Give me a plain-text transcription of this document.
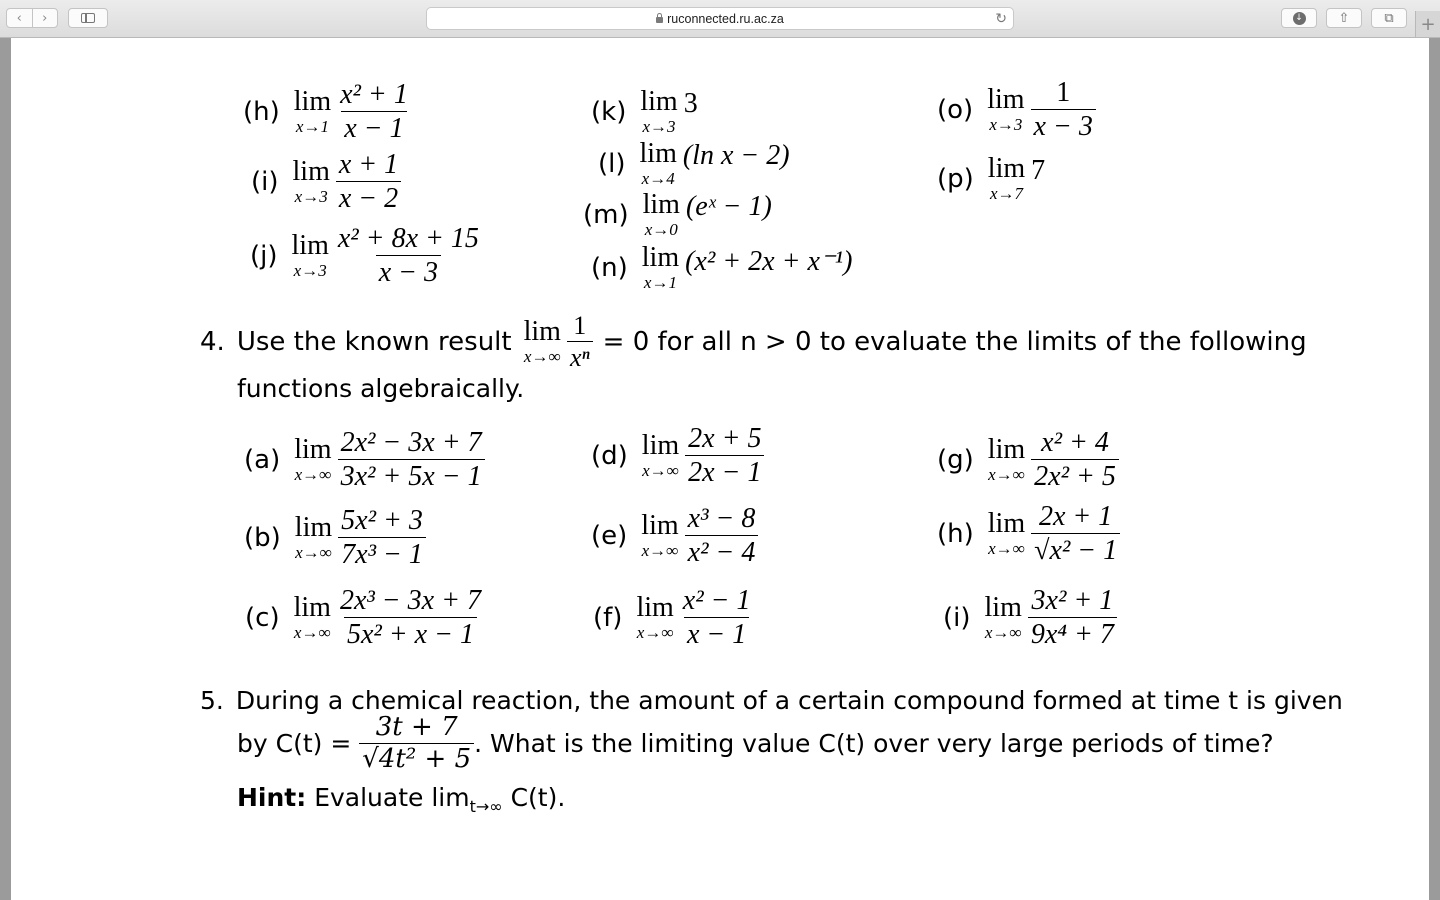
‹	›	ruconnected.ru.ac.za	↻	↓	⇧	⧉	+
(h) lim
$x\to 1 \frac{\text{x² + 1}}{x - 1}$
(i) lim
$x\to 3 \frac{x + 1}{x - 2}$
(j) lim
$x\to 3 \frac{\text{x² + 8x + 15}}{x - 3}$
(k) lim
x→3
3
(l) lim
x→4
(ln x − 2)
(m) lim
x→0
(eˣ − 1)
(n) lim
x→1
(x² + 2x + x⁻¹)
(o) lim
$x\to 3 \frac{1}{x - 3}$
(p) lim
x→7
7
4. Use the known result lim
$x\to\infty \frac{1}{\text{xⁿ}} = 0$ for all n > 0 to evaluate the limits of the following
functions algebraically.
(a) lim
$x\to\infty \frac{\text{2x² − 3x + 7}}{\text{3x² + 5x − 1}}$
(b) lim
$x\to\infty \frac{\text{5x² + 3}}{\text{7x³ − 1}}$
(c) lim
$x\to\infty \frac{\text{2x³ − 3x + 7}}{\text{5x² + x − 1}}$
(d) lim
$x\to\infty \frac{2x + 5}{2x - 1}$
(e) lim
$x\to\infty \frac{\text{x³ − 8}}{\text{x² − 4}}$
(f) lim
$x\to\infty \frac{\text{x² − 1}}{x - 1}$
(g) lim
$x\to\infty \frac{\text{x² + 4}}{\text{2x² + 5}}$
(h) lim
$x\to\infty \frac{2x + 1}{\text{√x² − 1}}$
(i) lim
$x\to\infty \frac{\text{3x² + 1}}{\text{9x⁴ + 7}}$
5. During a chemical reaction, the amount of a certain compound formed at time t is given
by $C(t) = \frac{3t + 7}{\text{√4t² + 5}}$ . What is the limiting value C(t) over very large periods of time?
Hint: Evaluate $\lim_{t\to\infty} C(t)$.
